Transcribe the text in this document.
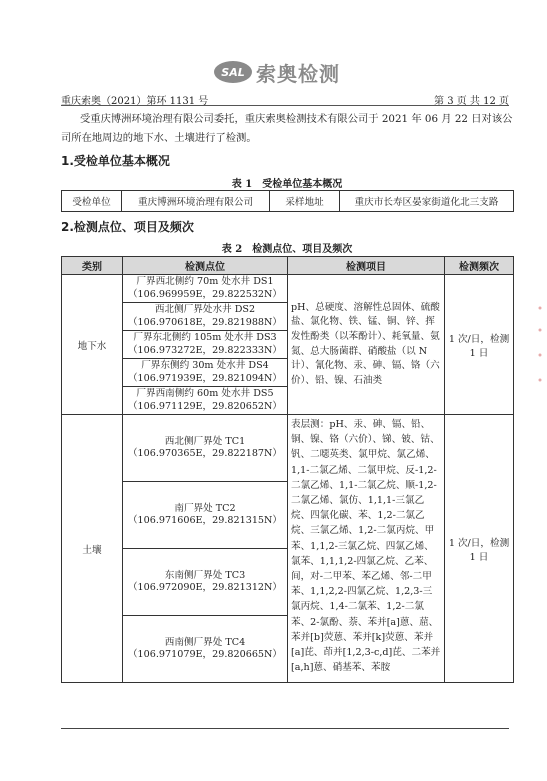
SAL 索奥检测
重庆索奥（2021）第环 1131 号	第 3 页 共 12 页
受重庆博洲环境治理有限公司委托，重庆索奥检测技术有限公司于 2021 年 06 月 22 日对该公司所在地周边的地下水、土壤进行了检测。
1.受检单位基本概况
表 1　受检单位基本概况
受检单位	重庆博洲环境治理有限公司	采样地址	重庆市长寿区晏家街道化北三支路
2.检测点位、项目及频次
表 2　检测点位、项目及频次
类别	检测点位	检测项目	检测频次
地下水	厂界西北侧约 70m 处水井 DS1
（106.969959E，29.822532N）	pH、总硬度、溶解性总固体、硫酸盐、氯化物、铁、锰、铜、锌、挥发性酚类（以苯酚计）、耗氧量、氨氮、总大肠菌群、硝酸盐（以 N 计）、氰化物、汞、砷、镉、铬（六价）、铅、镍、石油类	1 次/日，检测 1 日

	西北侧厂界处水井 DS2
（106.970618E，29.821988N）		

	厂界东北侧约 105m 处水井 DS3
（106.973272E，29.822333N）		

	厂界东侧约 30m 处水井 DS4
（106.971939E，29.821094N）		

	厂界西南侧约 60m 处水井 DS5
（106.971129E，29.820652N）		

土壤	西北侧厂界处 TC1
（106.970365E，29.822187N）	表层测：pH、汞、砷、镉、铅、铜、镍、铬（六价）、锑、铍、钴、钒、二噁英类、氯甲烷、氯乙烯、1,1-二氯乙烯、二氯甲烷、反-1,2-二氯乙烯、1,1-二氯乙烷、顺-1,2-二氯乙烯、氯仿、1,1,1-三氯乙烷、四氯化碳、苯、1,2-二氯乙烷、三氯乙烯、1,2-二氯丙烷、甲苯、1,1,2-三氯乙烷、四氯乙烯、氯苯、1,1,1,2-四氯乙烷、乙苯、间，对-二甲苯、苯乙烯、邻-二甲苯、1,1,2,2-四氯乙烷、1,2,3-三氯丙烷、1,4-二氯苯、1,2-二氯苯、2-氯酚、萘、苯并[a]蒽、䓛、苯并[b]荧蒽、苯并[k]荧蒽、苯并[a]芘、茚并[1,2,3-c,d]芘、二苯并[a,h]蒽、硝基苯、苯胺	1 次/日，检测 1 日

	南厂界处 TC2
（106.971606E，29.821315N）		

	东南侧厂界处 TC3
（106.972090E，29.821312N）		

	西南侧厂界处 TC4
（106.971079E，29.820665N）		
